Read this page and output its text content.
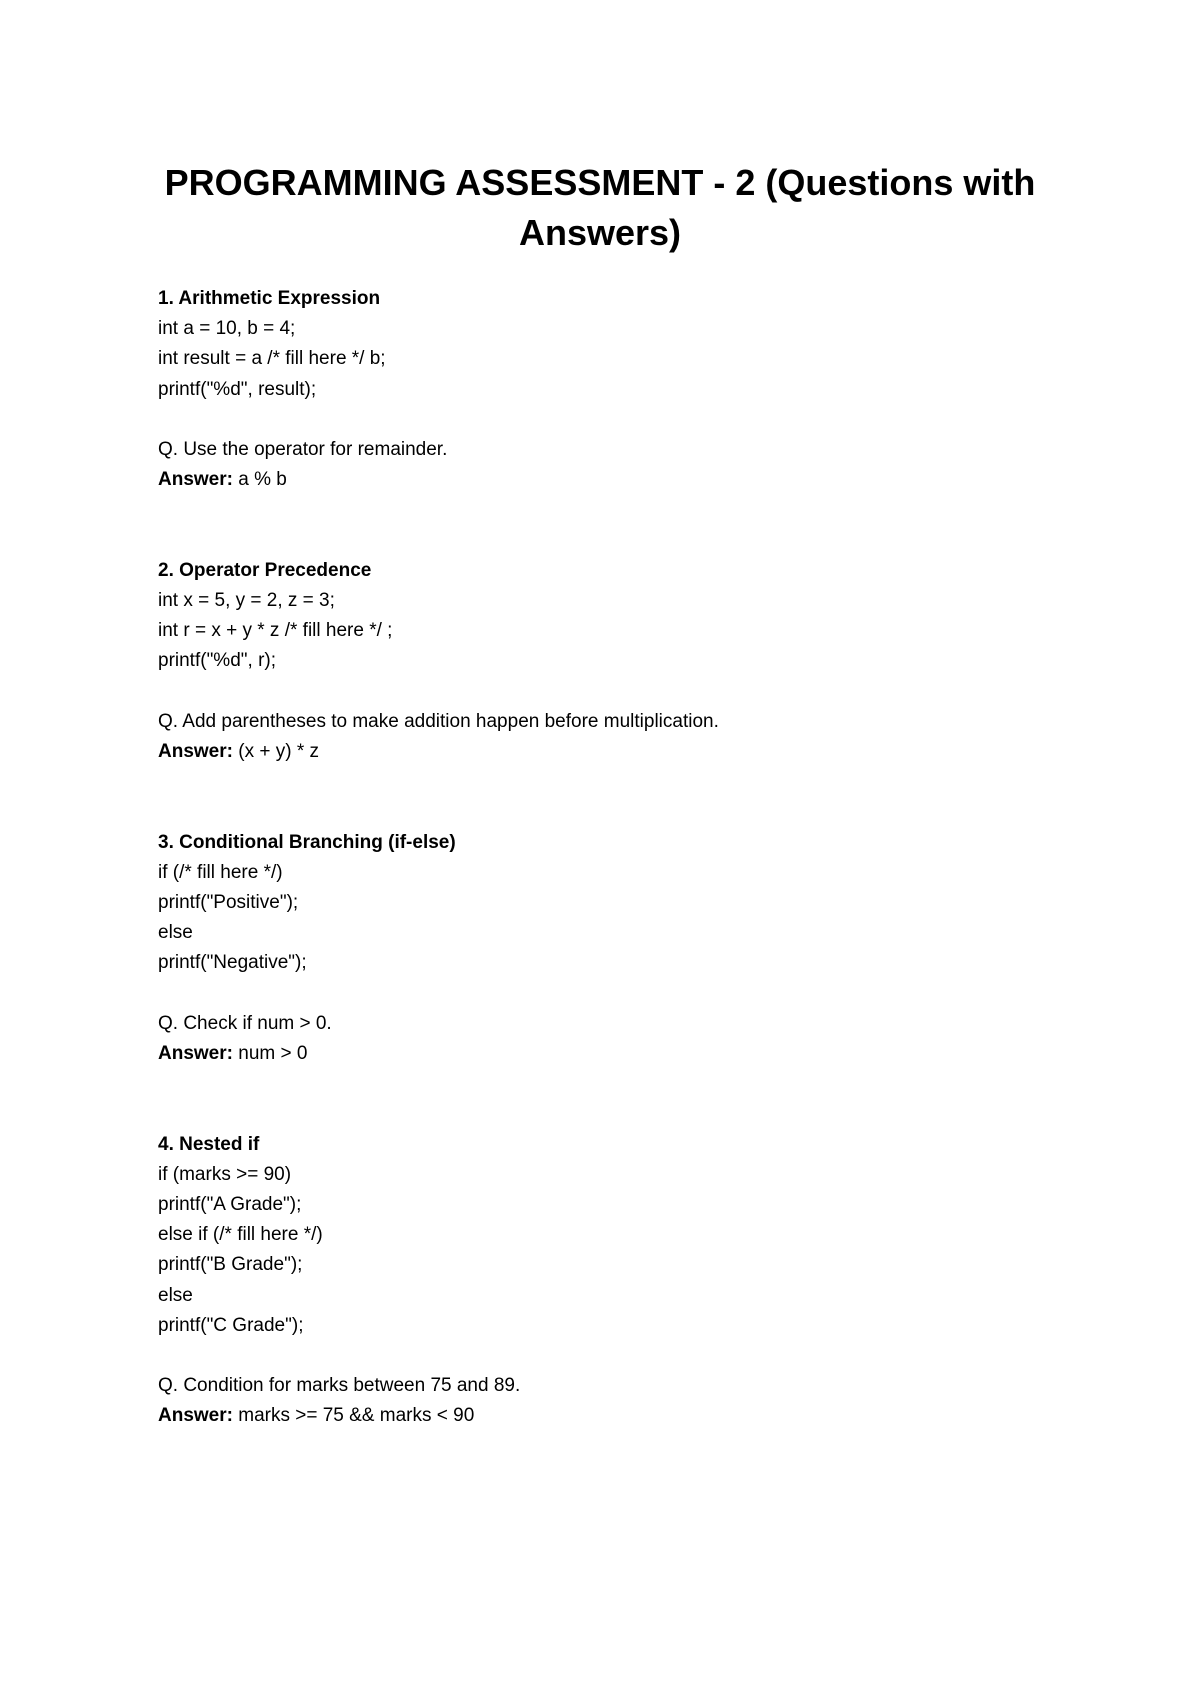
PROGRAMMING ASSESSMENT - 2 (Questions with Answers)
1. Arithmetic Expression
int a = 10, b = 4;
int result = a /* fill here */ b;
printf("%d", result);
Q. Use the operator for remainder.
Answer: a % b
2. Operator Precedence
int x = 5, y = 2, z = 3;
int r = x + y * z /* fill here */ ;
printf("%d", r);
Q. Add parentheses to make addition happen before multiplication.
Answer: (x + y) * z
3. Conditional Branching (if-else)
if (/* fill here */)
printf("Positive");
else
printf("Negative");
Q. Check if num > 0.
Answer: num > 0
4. Nested if
if (marks >= 90)
printf("A Grade");
else if (/* fill here */)
printf("B Grade");
else
printf("C Grade");
Q. Condition for marks between 75 and 89.
Answer: marks >= 75 && marks < 90
